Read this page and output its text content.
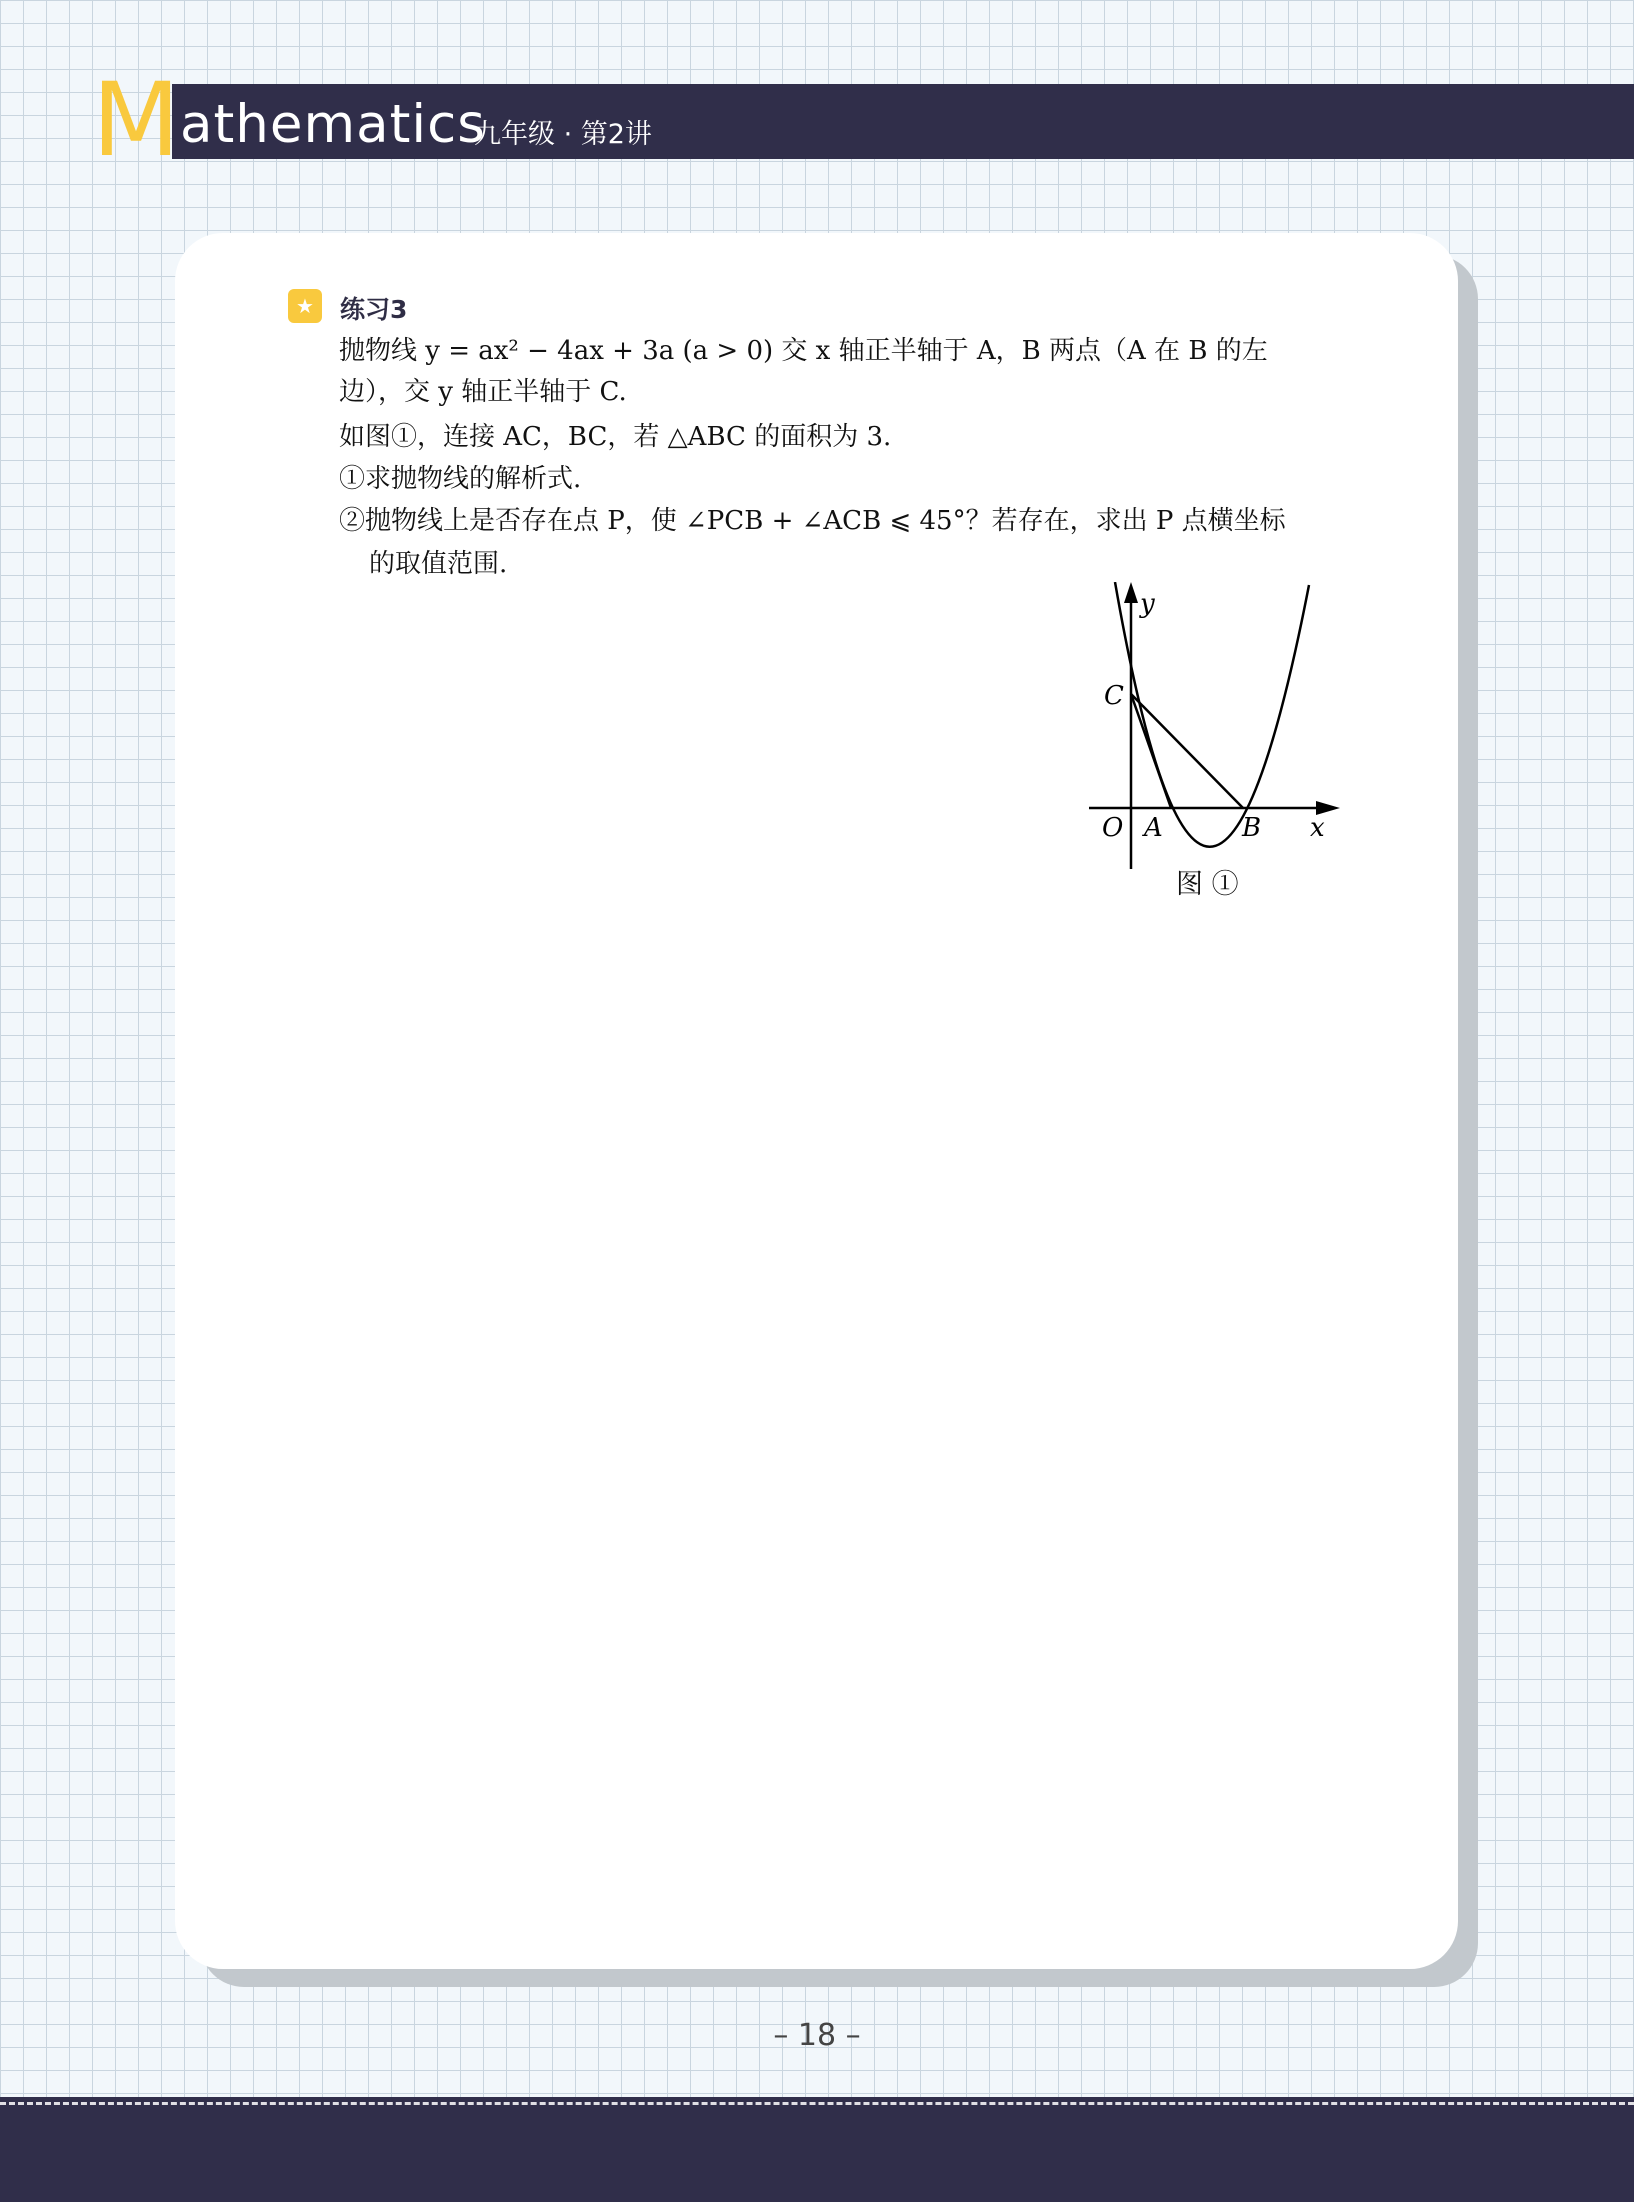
M athematics
九年级 · 第2讲
★	练习3
抛物线 y = ax² − 4ax + 3a (a > 0) 交 x 轴正半轴于 A，B 两点（A 在 B 的左
边），交 y 轴正半轴于 C.
如图①，连接 AC，BC，若 △ABC 的面积为 3.
①求抛物线的解析式.
②抛物线上是否存在点 P，使 ∠PCB + ∠ACB ⩽ 45°？若存在，求出 P 点横坐标
的取值范围.
y
C
O A	B x
图 ①
– 18 –
